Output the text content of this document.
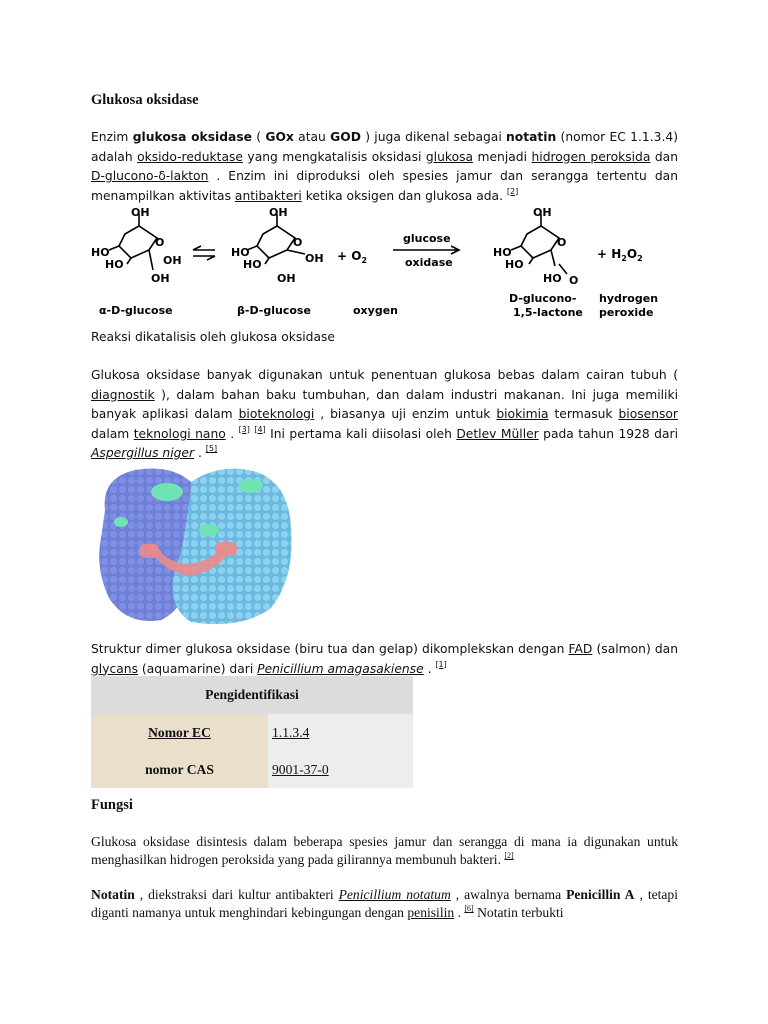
Glukosa oksidase

Enzim glukosa oksidase ( GOx atau GOD ) juga dikenal sebagai notatin (nomor EC 1.1.3.4) adalah oksido-reduktase yang mengkatalisis oksidasi glukosa menjadi hidrogen peroksida dan D-glucono-δ-lakton . Enzim ini diproduksi oleh spesies jamur dan serangga tertentu dan menampilkan aktivitas antibakteri ketika oksigen dan glukosa ada. [2]

OH
HO
HO
O
OH
OH
α-D-glucose
OH
HO
HO
O
OH
OH
β-D-glucose
+ $O_2$
oxygen
glucose
oxidase
OH
HO
HO
O
HO O
D-glucono-
1,5-lactone
+ $H_2O_2$
hydrogen
peroxide

Reaksi dikatalisis oleh glukosa oksidase

Glukosa oksidase banyak digunakan untuk penentuan glukosa bebas dalam cairan tubuh ( diagnostik ), dalam bahan baku tumbuhan, dan dalam industri makanan. Ini juga memiliki banyak aplikasi dalam bioteknologi , biasanya uji enzim untuk biokimia termasuk biosensor dalam teknologi nano . [3] [4] Ini pertama kali diisolasi oleh Detlev Müller pada tahun 1928 dari Aspergillus niger . [5]

Struktur dimer glukosa oksidase (biru tua dan gelap) dikomplekskan dengan FAD (salmon) dan glycans (aquamarine) dari Penicillium amagasakiense . [1]

Pengidentifikasi	
Nomor EC	1.1.3.4
nomor CAS	9001-37-0
Fungsi

Glukosa oksidase disintesis dalam beberapa spesies jamur dan serangga di mana ia digunakan untuk menghasilkan hidrogen peroksida yang pada gilirannya membunuh bakteri. [2]

Notatin , diekstraksi dari kultur antibakteri Penicillium notatum , awalnya bernama Penicillin A , tetapi diganti namanya untuk menghindari kebingungan dengan penisilin . [6] Notatin terbukti
